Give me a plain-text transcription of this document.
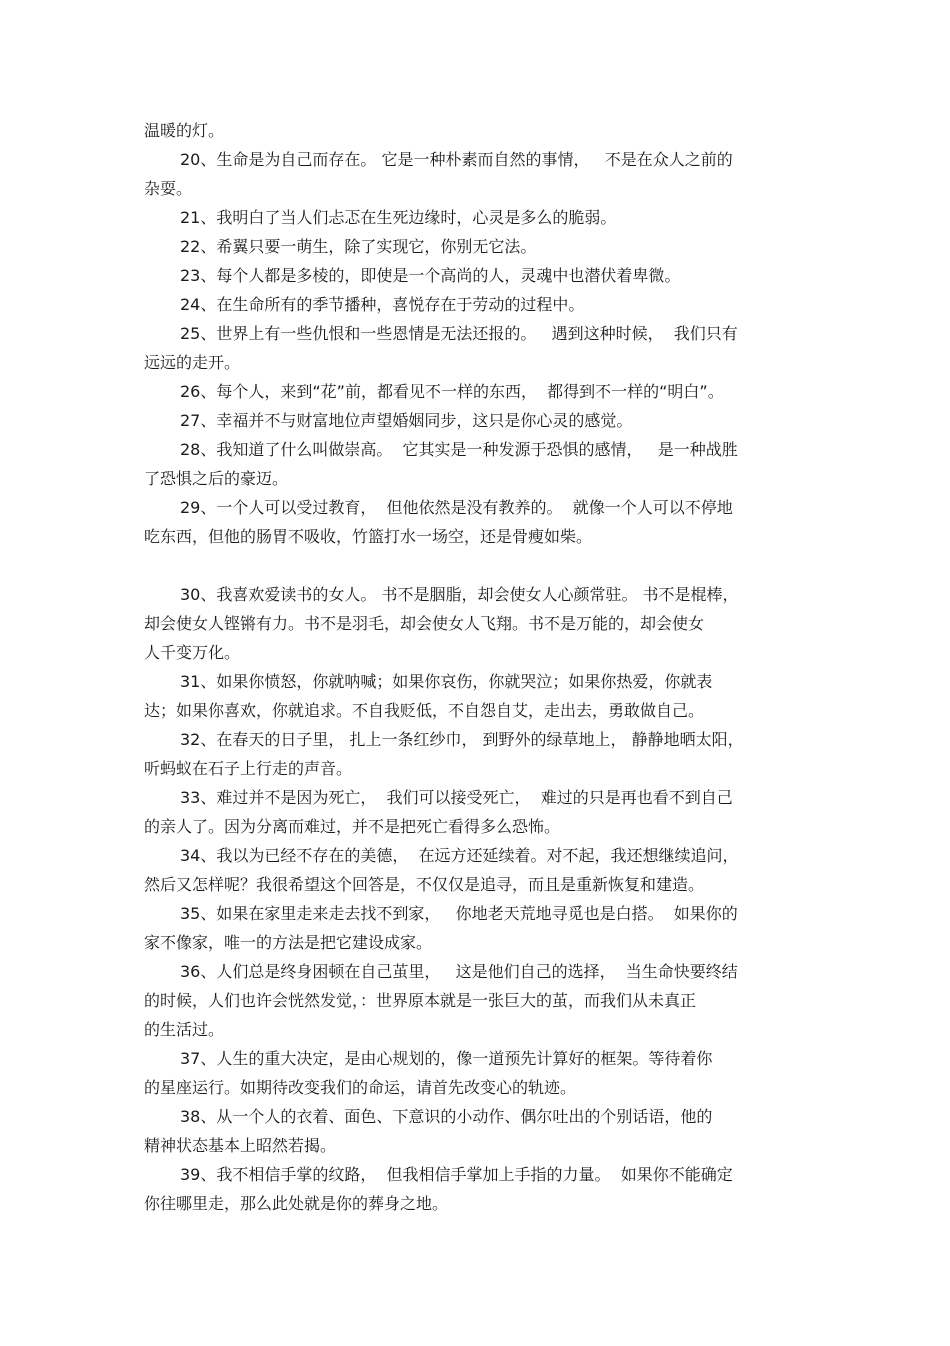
温暖的灯。
20、生命是为自己而存在。 它是一种朴素而自然的事情，   不是在众人之前的
杂耍。
21、我明白了当人们忐忑在生死边缘时，心灵是多么的脆弱。
22、希翼只要一萌生，除了实现它，你别无它法。
23、每个人都是多棱的，即使是一个高尚的人，灵魂中也潜伏着卑微。
24、在生命所有的季节播种，喜悦存在于劳动的过程中。
25、世界上有一些仇恨和一些恩情是无法还报的。   遇到这种时候，  我们只有
远远的走开。
26、每个人，来到“花”前，都看见不一样的东西，  都得到不一样的“明白”。
27、幸福并不与财富地位声望婚姻同步，这只是你心灵的感觉。
28、我知道了什么叫做崇高。  它其实是一种发源于恐惧的感情，   是一种战胜
了恐惧之后的豪迈。
29、一个人可以受过教育，  但他依然是没有教养的。  就像一个人可以不停地
吃东西，但他的肠胃不吸收，竹篮打水一场空，还是骨瘦如柴。
30、我喜欢爱读书的女人。 书不是胭脂，却会使女人心颜常驻。 书不是棍棒，
却会使女人铿锵有力。书不是羽毛，却会使女人飞翔。书不是万能的，却会使女
人千变万化。
31、如果你愤怒，你就呐喊；如果你哀伤，你就哭泣；如果你热爱，你就表
达；如果你喜欢，你就追求。不自我贬低，不自怨自艾，走出去，勇敢做自己。
32、在春天的日子里， 扎上一条红纱巾， 到野外的绿草地上， 静静地晒太阳，
听蚂蚁在石子上行走的声音。
33、难过并不是因为死亡，  我们可以接受死亡，  难过的只是再也看不到自己
的亲人了。因为分离而难过，并不是把死亡看得多么恐怖。
34、我以为已经不存在的美德，  在远方还延续着。对不起，我还想继续追问，
然后又怎样呢？我很希望这个回答是，不仅仅是追寻，而且是重新恢复和建造。
35、如果在家里走来走去找不到家，   你地老天荒地寻觅也是白搭。  如果你的
家不像家，唯一的方法是把它建设成家。
36、人们总是终身困顿在自己茧里，   这是他们自己的选择，  当生命快要终结
的时候，人们也许会恍然发觉，：世界原本就是一张巨大的茧，而我们从未真正
的生活过。
37、人生的重大决定，是由心规划的，像一道预先计算好的框架。等待着你
的星座运行。如期待改变我们的命运，请首先改变心的轨迹。
38、从一个人的衣着、面色、下意识的小动作、偶尔吐出的个别话语，他的
精神状态基本上昭然若揭。
39、我不相信手掌的纹路，  但我相信手掌加上手指的力量。  如果你不能确定
你往哪里走，那么此处就是你的葬身之地。
